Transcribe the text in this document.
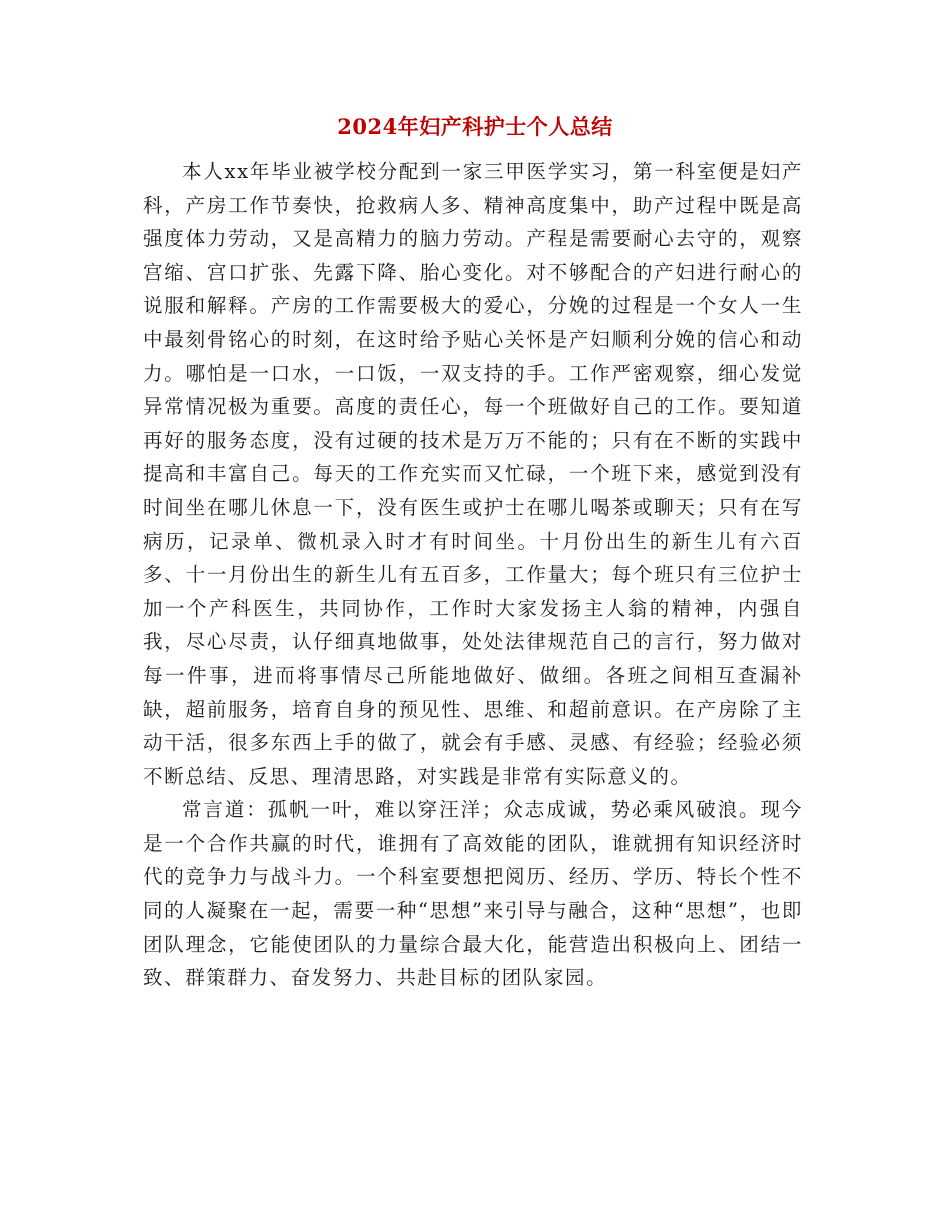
2024年妇产科护士个人总结

本人xx年毕业被学校分配到一家三甲医学实习，第一科室便是妇产科，产房工作节奏快，抢救病人多、精神高度集中，助产过程中既是高强度体力劳动，又是高精力的脑力劳动。产程是需要耐心去守的，观察宫缩、宫口扩张、先露下降、胎心变化。对不够配合的产妇进行耐心的说服和解释。产房的工作需要极大的爱心，分娩的过程是一个女人一生中最刻骨铭心的时刻，在这时给予贴心关怀是产妇顺利分娩的信心和动力。哪怕是一口水，一口饭，一双支持的手。工作严密观察，细心发觉异常情况极为重要。高度的责任心，每一个班做好自己的工作。要知道再好的服务态度，没有过硬的技术是万万不能的；只有在不断的实践中提高和丰富自己。每天的工作充实而又忙碌，一个班下来，感觉到没有时间坐在哪儿休息一下，没有医生或护士在哪儿喝茶或聊天；只有在写病历，记录单、微机录入时才有时间坐。十月份出生的新生儿有六百多、十一月份出生的新生儿有五百多，工作量大；每个班只有三位护士加一个产科医生，共同协作，工作时大家发扬主人翁的精神，内强自我，尽心尽责，认仔细真地做事，处处法律规范自己的言行，努力做对每一件事，进而将事情尽己所能地做好、做细。各班之间相互查漏补缺，超前服务，培育自身的预见性、思维、和超前意识。在产房除了主动干活，很多东西上手的做了，就会有手感、灵感、有经验；经验必须不断总结、反思、理清思路，对实践是非常有实际意义的。

常言道：孤帆一叶，难以穿汪洋；众志成诚，势必乘风破浪。现今是一个合作共赢的时代，谁拥有了高效能的团队，谁就拥有知识经济时代的竞争力与战斗力。一个科室要想把阅历、经历、学历、特长个性不同的人凝聚在一起，需要一种“思想”来引导与融合，这种“思想”，也即团队理念，它能使团队的力量综合最大化，能营造出积极向上、团结一致、群策群力、奋发努力、共赴目标的团队家园。
